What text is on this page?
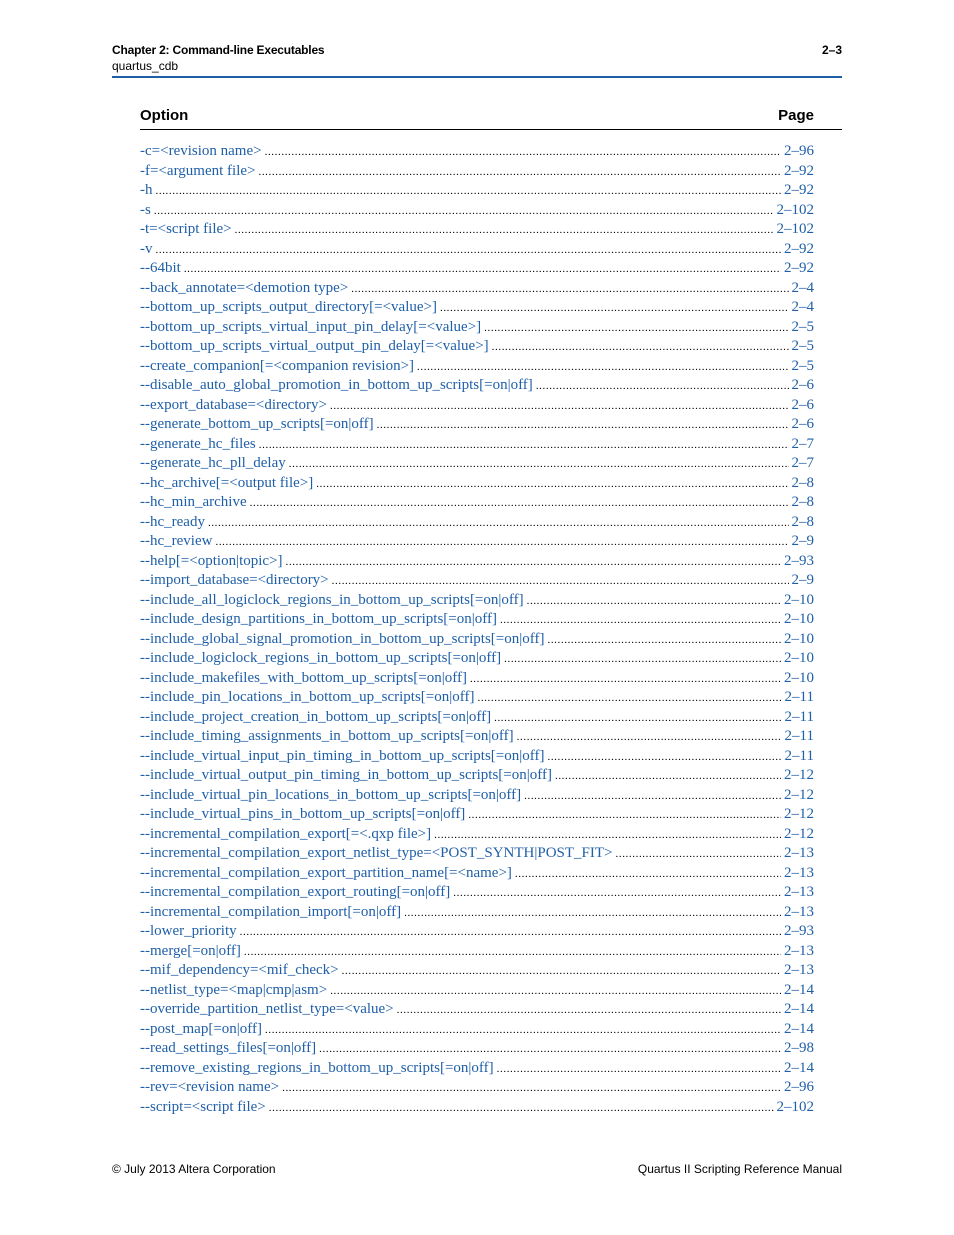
Chapter 2: Command-line Executables	2–3
quartus_cdb
Option	Page
-c=<revision name> .....	2–96
-f=<argument file> .....	2–92
-h .....	2–92
-s .....	2–102
-t=<script file> .....	2–102
-v .....	2–92
--64bit .....	2–92
--back_annotate=<demotion type> .....	2–4
--bottom_up_scripts_output_directory[=<value>] .....	2–4
--bottom_up_scripts_virtual_input_pin_delay[=<value>] .....	2–5
--bottom_up_scripts_virtual_output_pin_delay[=<value>] .....	2–5
--create_companion[=<companion revision>] .....	2–5
--disable_auto_global_promotion_in_bottom_up_scripts[=on|off] .....	2–6
--export_database=<directory> .....	2–6
--generate_bottom_up_scripts[=on|off] .....	2–6
--generate_hc_files .....	2–7
--generate_hc_pll_delay .....	2–7
--hc_archive[=<output file>] .....	2–8
--hc_min_archive .....	2–8
--hc_ready .....	2–8
--hc_review .....	2–9
--help[=<option|topic>] .....	2–93
--import_database=<directory> .....	2–9
--include_all_logiclock_regions_in_bottom_up_scripts[=on|off] .....	2–10
--include_design_partitions_in_bottom_up_scripts[=on|off] .....	2–10
--include_global_signal_promotion_in_bottom_up_scripts[=on|off] .....	2–10
--include_logiclock_regions_in_bottom_up_scripts[=on|off] .....	2–10
--include_makefiles_with_bottom_up_scripts[=on|off] .....	2–10
--include_pin_locations_in_bottom_up_scripts[=on|off] .....	2–11
--include_project_creation_in_bottom_up_scripts[=on|off] .....	2–11
--include_timing_assignments_in_bottom_up_scripts[=on|off] .....	2–11
--include_virtual_input_pin_timing_in_bottom_up_scripts[=on|off] .....	2–11
--include_virtual_output_pin_timing_in_bottom_up_scripts[=on|off] .....	2–12
--include_virtual_pin_locations_in_bottom_up_scripts[=on|off] .....	2–12
--include_virtual_pins_in_bottom_up_scripts[=on|off] .....	2–12
--incremental_compilation_export[=<.qxp file>] .....	2–12
--incremental_compilation_export_netlist_type=<POST_SYNTH|POST_FIT> .....	2–13
--incremental_compilation_export_partition_name[=<name>] .....	2–13
--incremental_compilation_export_routing[=on|off] .....	2–13
--incremental_compilation_import[=on|off] .....	2–13
--lower_priority .....	2–93
--merge[=on|off] .....	2–13
--mif_dependency=<mif_check> .....	2–13
--netlist_type=<map|cmp|asm> .....	2–14
--override_partition_netlist_type=<value> .....	2–14
--post_map[=on|off] .....	2–14
--read_settings_files[=on|off] .....	2–98
--remove_existing_regions_in_bottom_up_scripts[=on|off] .....	2–14
--rev=<revision name> .....	2–96
--script=<script file> .....	2–102
© July 2013 Altera Corporation	Quartus II Scripting Reference Manual
